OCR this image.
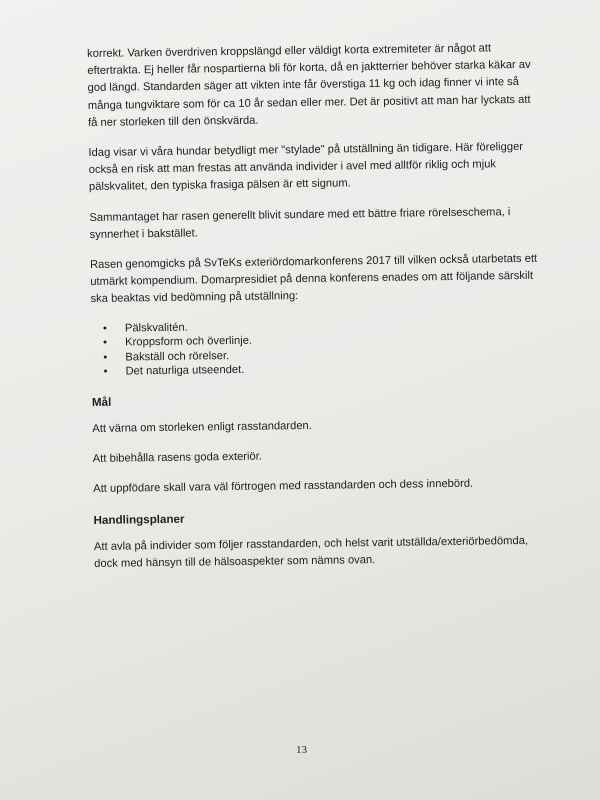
korrekt. Varken överdriven kroppslängd eller väldigt korta extremiteter är något att eftertrakta. Ej heller får nospartierna bli för korta, då en jaktterrier behöver starka käkar av god längd. Standarden säger att vikten inte får överstiga 11 kg och idag finner vi inte så många tungviktare som för ca 10 år sedan eller mer. Det är positivt att man har lyckats att få ner storleken till den önskvärda.

Idag visar vi våra hundar betydligt mer "stylade" på utställning än tidigare. Här föreligger också en risk att man frestas att använda individer i avel med alltför riklig och mjuk pälskvalitet, den typiska frasiga pälsen är ett signum.

Sammantaget har rasen generellt blivit sundare med ett bättre friare rörelseschema, i synnerhet i bakstället.

Rasen genomgicks på SvTeKs exteriördomarkonferens 2017 till vilken också utarbetats ett utmärkt kompendium. Domarpresidiet på denna konferens enades om att följande särskilt ska beaktas vid bedömning på utställning:

• Pälskvalitén.
• Kroppsform och överlinje.
• Bakställ och rörelser.
• Det naturliga utseendet.
Mål

Att värna om storleken enligt rasstandarden.

Att bibehålla rasens goda exteriör.

Att uppfödare skall vara väl förtrogen med rasstandarden och dess innebörd.

Handlingsplaner

Att avla på individer som följer rasstandarden, och helst varit utställda/exteriörbedömda, dock med hänsyn till de hälsoaspekter som nämns ovan.

13
